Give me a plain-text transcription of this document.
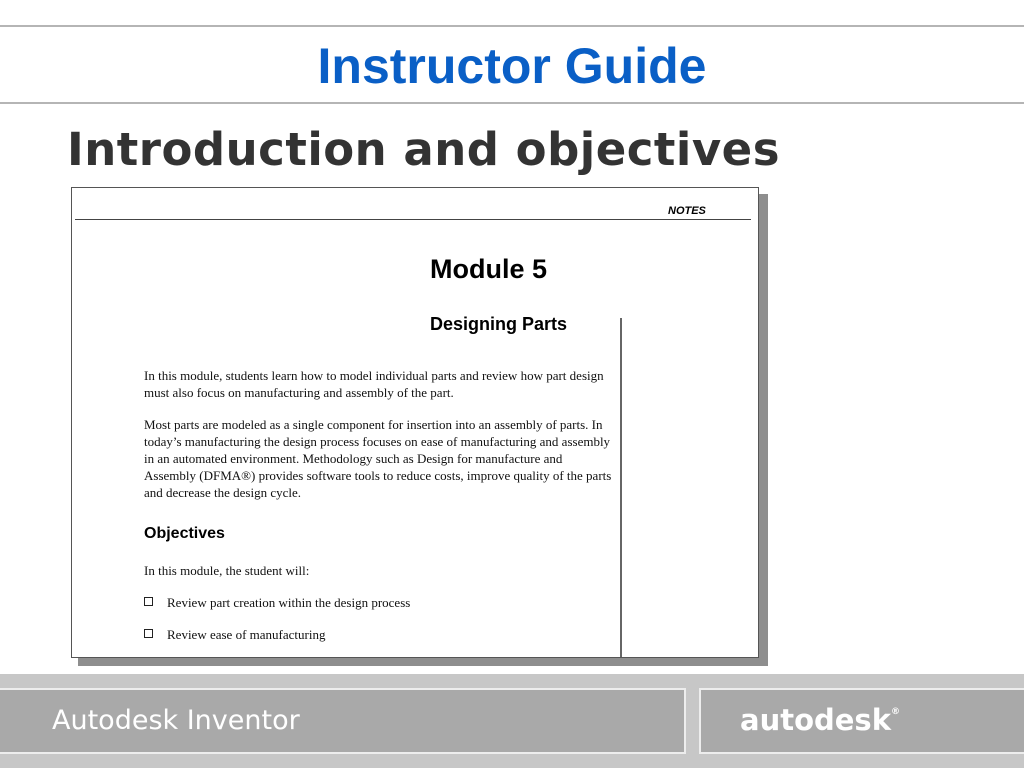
Instructor Guide
Introduction and objectives
NOTES
Module 5
Designing Parts

In this module, students learn how to model individual parts and review how part design must also focus on manufacturing and assembly of the part.

Most parts are modeled as a single component for insertion into an assembly of parts. In today’s manufacturing the design process focuses on ease of manufacturing and assembly in an automated environment. Methodology such as Design for manufacture and Assembly (DFMA®) provides software tools to reduce costs, improve quality of the parts and decrease the design cycle.

Objectives

In this module, the student will:

Review part creation within the design process
Review ease of manufacturing
Autodesk Inventor	autodesk®
